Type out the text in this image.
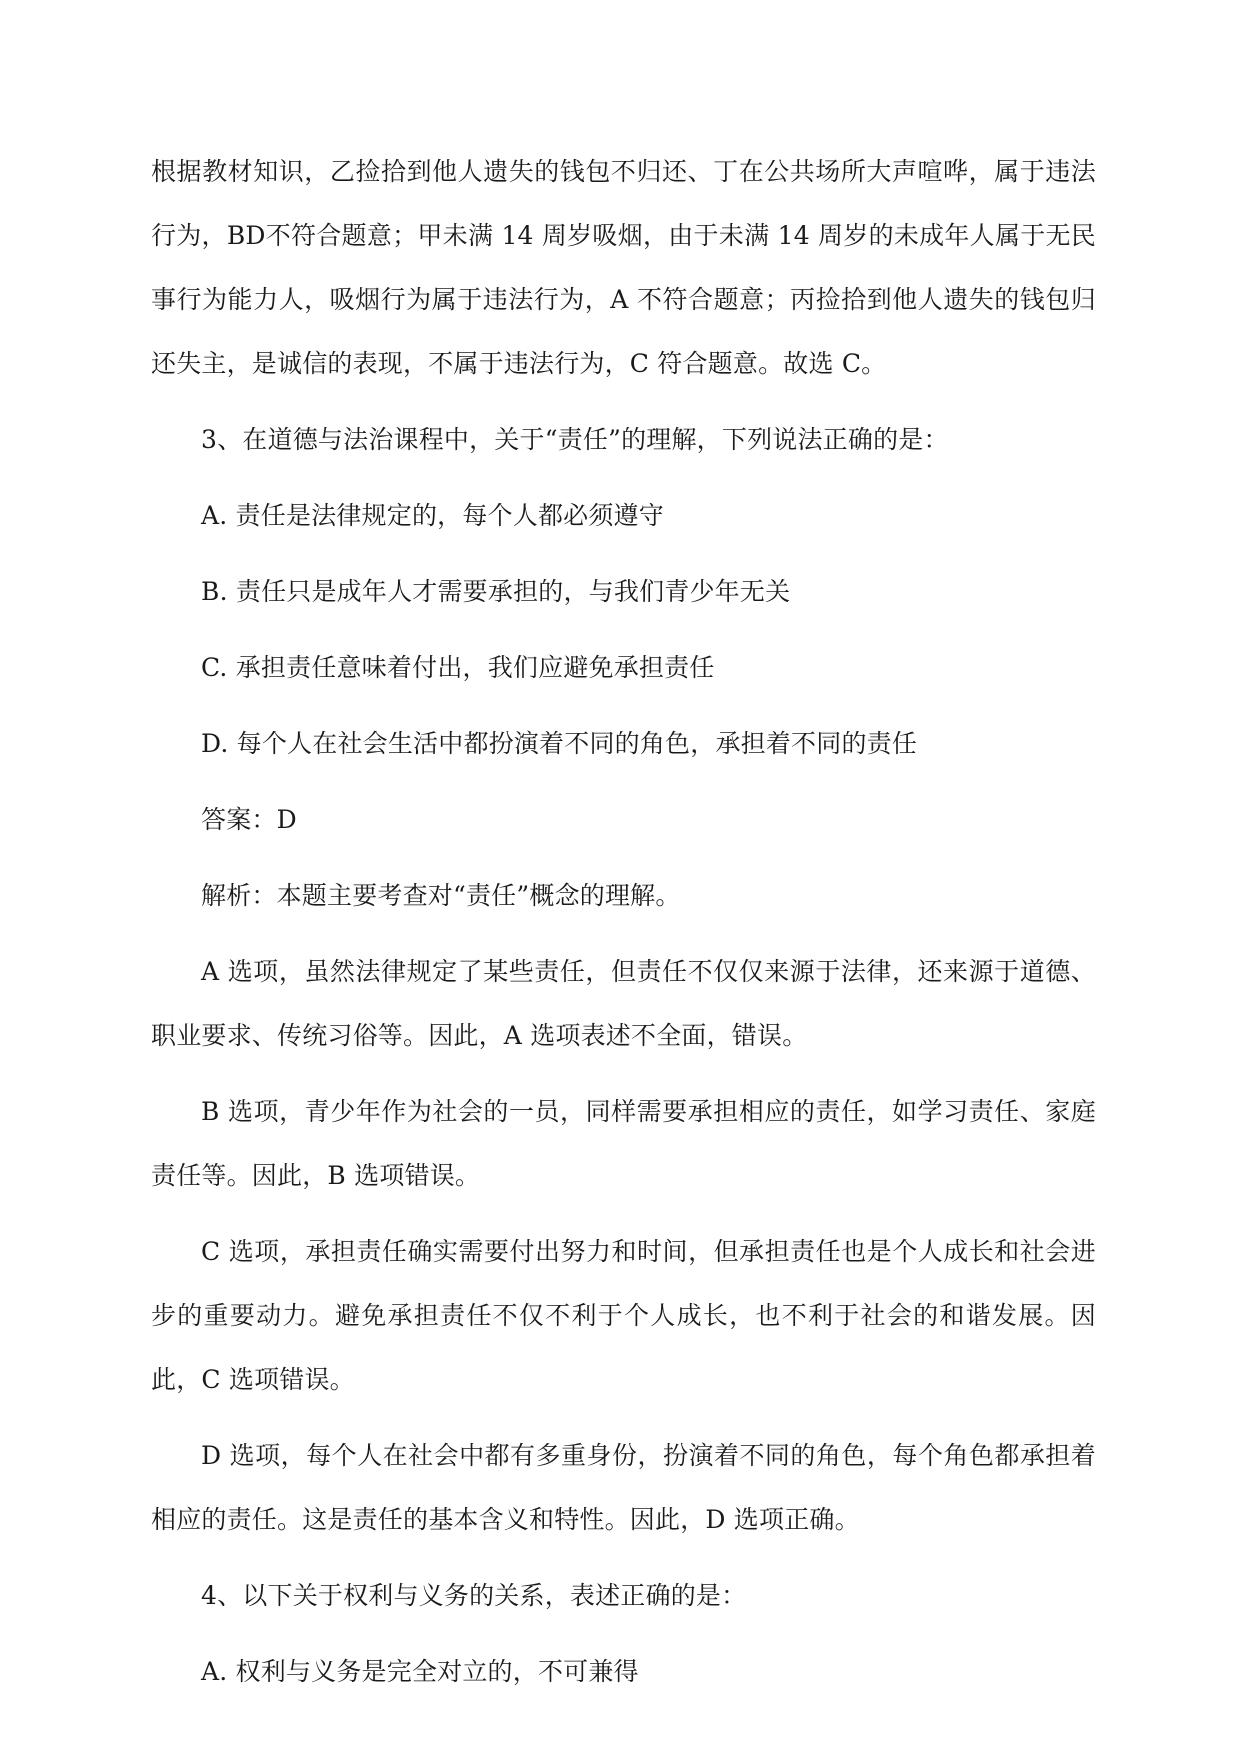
根据教材知识，乙捡拾到他人遗失的钱包不归还、丁在公共场所大声喧哗，属于违法行为，BD不符合题意；甲未满 14 周岁吸烟，由于未满 14 周岁的未成年人属于无民事行为能力人，吸烟行为属于违法行为，A 不符合题意；丙捡拾到他人遗失的钱包归还失主，是诚信的表现，不属于违法行为，C 符合题意。故选 C。

3、在道德与法治课程中，关于“责任”的理解，下列说法正确的是：

A. 责任是法律规定的，每个人都必须遵守

B. 责任只是成年人才需要承担的，与我们青少年无关

C. 承担责任意味着付出，我们应避免承担责任

D. 每个人在社会生活中都扮演着不同的角色，承担着不同的责任

答案：D

解析：本题主要考查对“责任”概念的理解。

A 选项，虽然法律规定了某些责任，但责任不仅仅来源于法律，还来源于道德、职业要求、传统习俗等。因此，A 选项表述不全面，错误。

B 选项，青少年作为社会的一员，同样需要承担相应的责任，如学习责任、家庭责任等。因此，B 选项错误。

C 选项，承担责任确实需要付出努力和时间，但承担责任也是个人成长和社会进步的重要动力。避免承担责任不仅不利于个人成长，也不利于社会的和谐发展。因此，C 选项错误。

D 选项，每个人在社会中都有多重身份，扮演着不同的角色，每个角色都承担着相应的责任。这是责任的基本含义和特性。因此，D 选项正确。

4、以下关于权利与义务的关系，表述正确的是：

A. 权利与义务是完全对立的，不可兼得
